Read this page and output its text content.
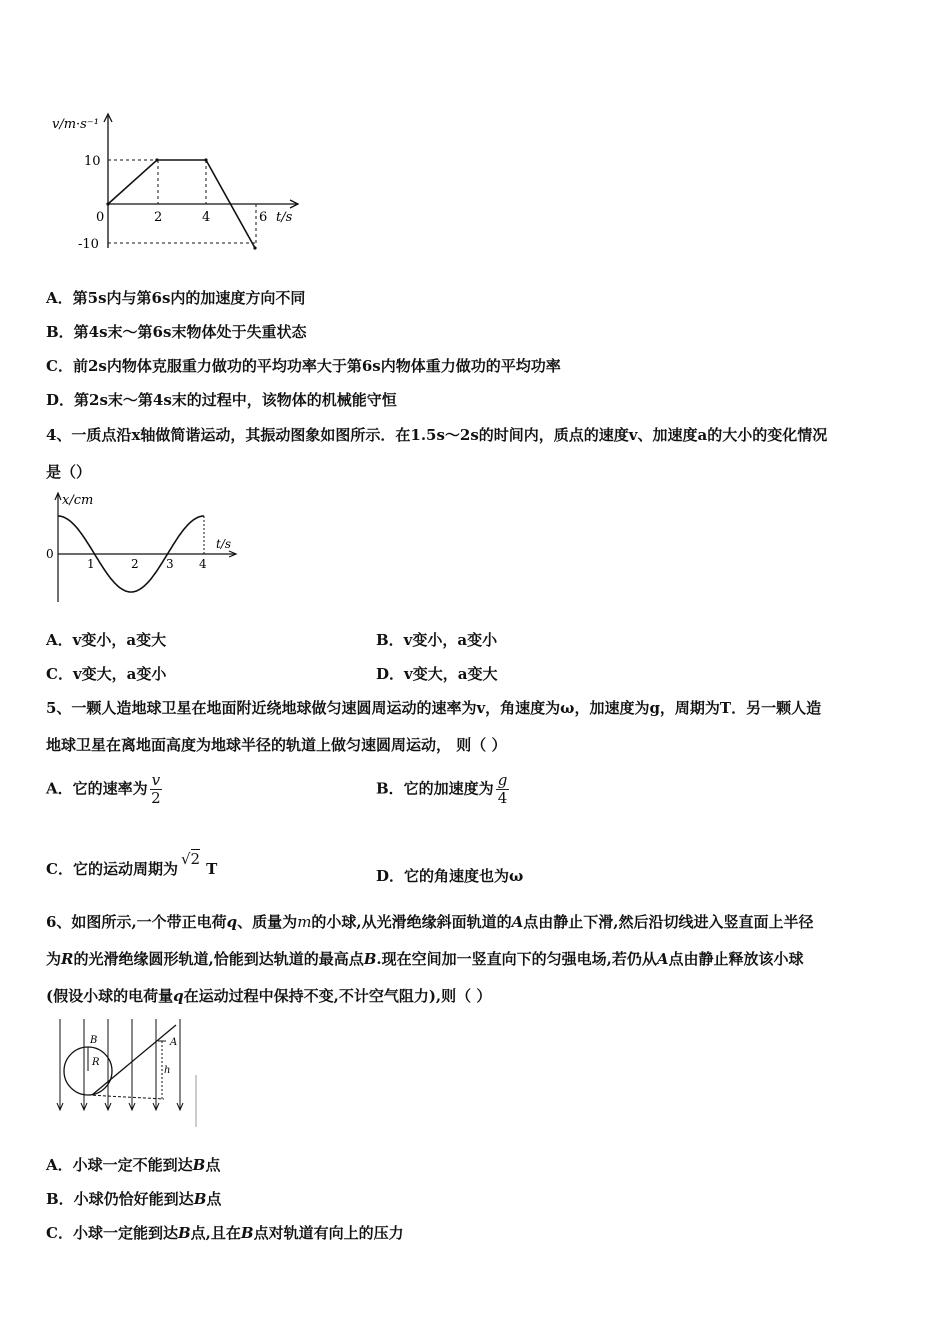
v/m·s⁻¹
10
-10
0	2	4	6 t/s
A．第5s内与第6s内的加速度方向不同
B．第4s末～第6s末物体处于失重状态
C．前2s内物体克服重力做功的平均功率大于第6s内物体重力做功的平均功率
D．第2s末～第4s末的过程中，该物体的机械能守恒
4、一质点沿x轴做简谐运动，其振动图象如图所示．在1.5s～2s的时间内，质点的速度v、加速度a的大小的变化情况
是（）
x/cm
0
t/s
1	2 3 4
A．v变小，a变大	B．v变小，a变小
C．v变大，a变小	D．v变大，a变大
5、一颗人造地球卫星在地面附近绕地球做匀速圆周运动的速率为v，角速度为ω，加速度为g，周期为T．另一颗人造
地球卫星在离地面高度为地球半径的轨道上做匀速圆周运动， 则（ ）
A．它的速率为 $\frac{v}{2}$	B．它的加速度为 $\frac{g}{4}$
C．它的运动周期为√2T	D．它的角速度也为ω
6、如图所示,一个带正电荷q、质量为m的小球,从光滑绝缘斜面轨道的A点由静止下滑,然后沿切线进入竖直面上半径
为R的光滑绝缘圆形轨道,恰能到达轨道的最高点B.现在空间加一竖直向下的匀强电场,若仍从A点由静止释放该小球
(假设小球的电荷量q在运动过程中保持不变,不计空气阻力),则（ ）
B
R
A
h
A．小球一定不能到达B点
B．小球仍恰好能到达B点
C．小球一定能到达B点,且在B点对轨道有向上的压力
